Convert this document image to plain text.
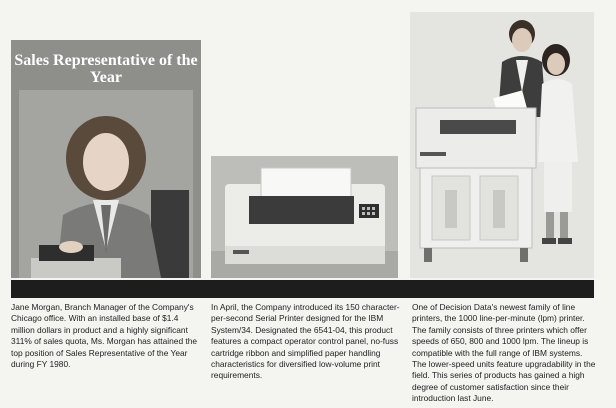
Sales Representative of the Year
Jane Morgan, Branch Manager of the Company's Chicago office. With an installed base of $1.4 million dollars in product and a highly significant 311% of sales quota, Ms. Morgan has attained the top position of Sales Representative of the Year during FY 1980.
In April, the Company introduced its 150 character-per-second Serial Printer designed for the IBM System/34. Designated the 6541-04, this product features a compact operator control panel, no-fuss cartridge ribbon and simplified paper handling characteristics for diversified low-volume print requirements.
One of Decision Data's newest family of line printers, the 1000 line-per-minute (lpm) printer. The family consists of three printers which offer speeds of 650, 800 and 1000 lpm. The lineup is compatible with the full range of IBM systems. The lower-speed units feature upgradability in the field. This series of products has gained a high degree of customer satisfaction since their introduction last June.
